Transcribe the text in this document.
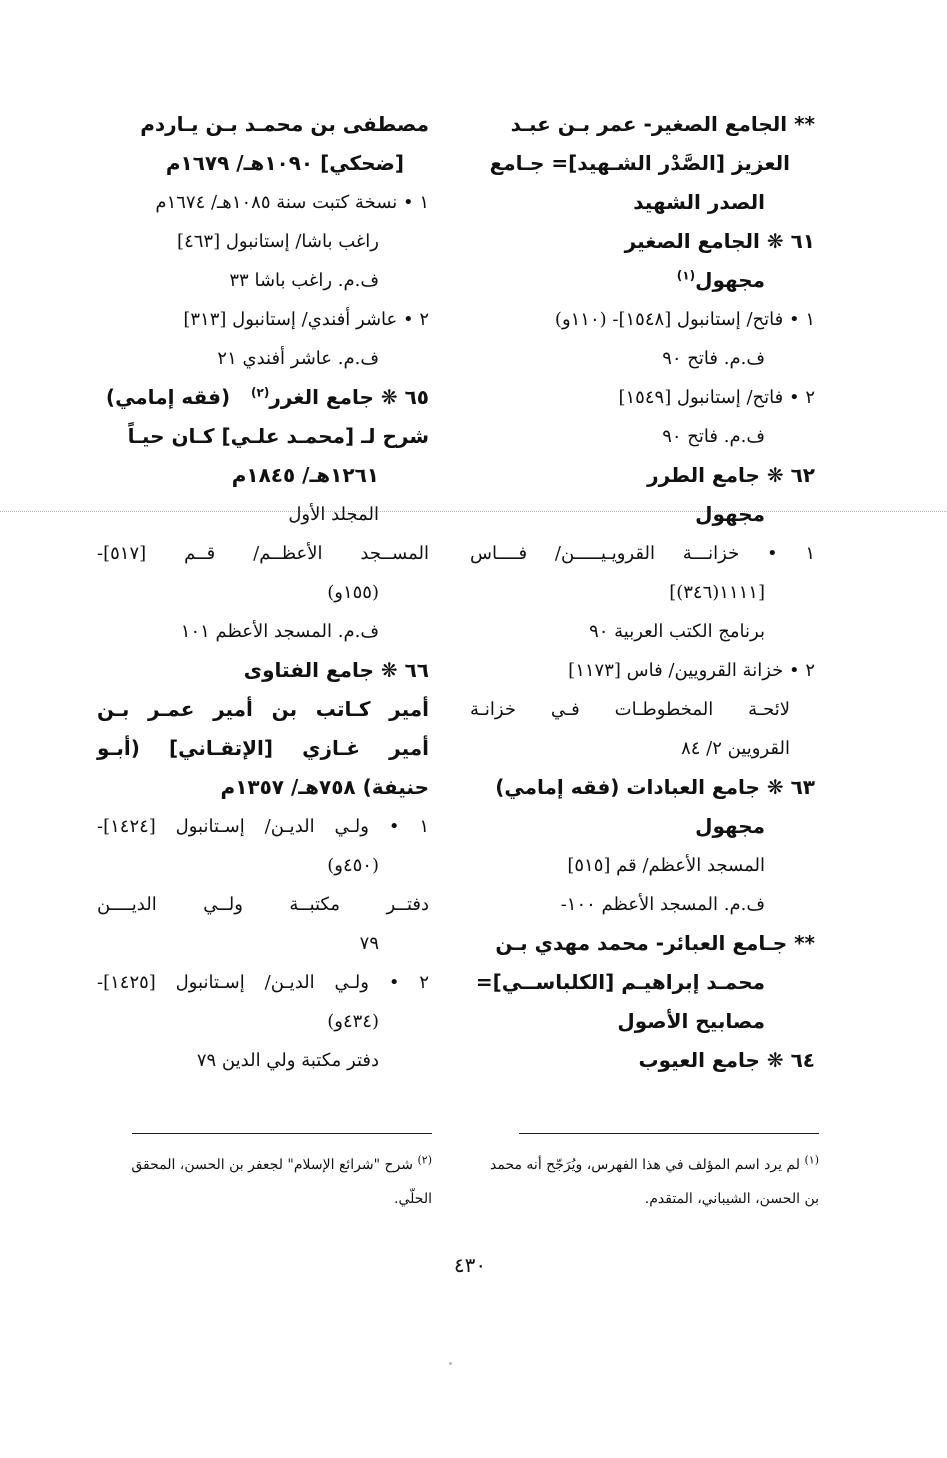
** الجامع الصغير- عمر بـن عبـد
العزيز [الصَّدْر الشـهيد]= جـامع
الصدر الشهيد
٦١ ❋ الجامع الصغير
مجهول$^{(١)}$
١ • فاتح/ إستانبول [١٥٤٨]- (١١٠و)
ف.م. فاتح ٩٠
٢ • فاتح/ إستانبول [١٥٤٩]
ف.م. فاتح ٩٠
٦٢ ❋ جامع الطرر
مجهول
١ • خزانـــة القرويـيـــــن/ فــــاس
[١١١١(٣٤٦)]
برنامج الكتب العربية ٩٠
٢ • خزانة القرويين/ فاس [١١٧٣]
لائحـة المخطوطـات فـي خزانـة
القرويين ٢/ ٨٤
٦٣ ❋ جامع العبادات (فقه إمامي)
مجهول
المسجد الأعظم/ قم [٥١٥]
ف.م. المسجد الأعظم ١٠٠-
** جـامع العبائر- محمد مهدي بـن
محمـد إبراهيـم [الكلباســي]=
مصابيح الأصول
٦٤ ❋ جامع العيوب
مصطفى بن محمـد بـن يـاردم
[ضحكي] ١٠٩٠هـ/ ١٦٧٩م
١ • نسخة كتبت سنة ١٠٨٥هـ/ ١٦٧٤م
راغب باشا/ إستانبول [٤٦٣]
ف.م. راغب باشا ٣٣
٢ • عاشر أفندي/ إستانبول [٣١٣]
ف.م. عاشر أفندي ٢١
٦٥ ❋ جامع الغرر$^{(٢)}$   (فقه إمامي)
شرح لـ [محمـد علـي] كـان حيـاً
١٢٦١هـ/ ١٨٤٥م
المجلد الأول
المســجد الأعظــم/ قــم [٥١٧]-
(١٥٥و)
ف.م. المسجد الأعظم ١٠١
٦٦ ❋ جامع الفتاوى
أمير كـاتب بن أمير عمـر بـن
أمير غـازي [الإتقـاني] (أبـو
حنيفة) ٧٥٨هـ/ ١٣٥٧م
١ • ولـي الديـن/ إسـتانبول [١٤٢٤]-
(٤٥٠و)
دفتــر مكتبــة ولــي الديــــن
٧٩
٢ • ولـي الديـن/ إسـتانبول [١٤٢٥]-
(٤٣٤و)
دفتر مكتبة ولي الدين ٧٩
$^{(١)}$ لم يرد اسم المؤلف في هذا الفهرس، ويُرَجّح أنه محمد بن الحسن، الشيباني، المتقدم.
$^{(٢)}$ شرح "شرائع الإسلام" لجعفر بن الحسن، المحقق الحلّي.
٤٣٠
